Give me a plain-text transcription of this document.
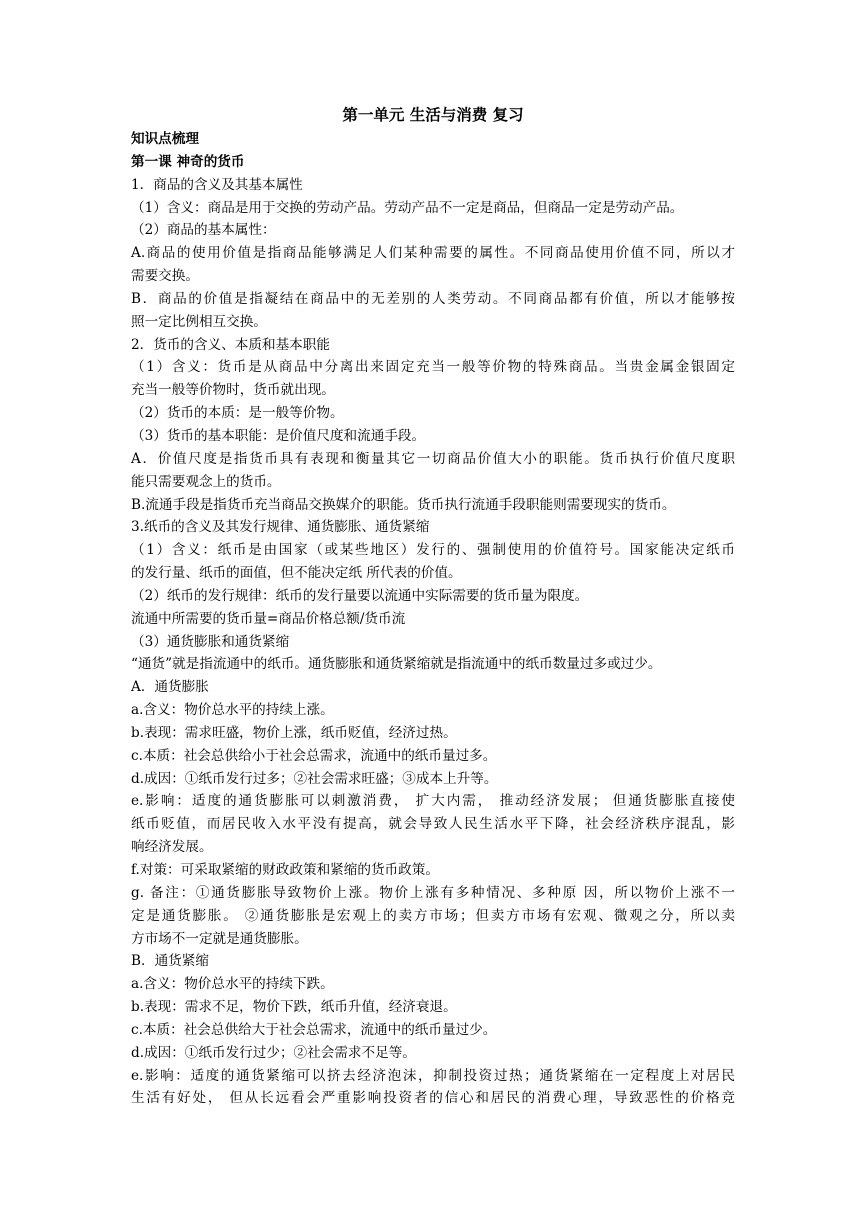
第一单元 生活与消费 复习
知识点梳理
第一课 神奇的货币
1．商品的含义及其基本属性
（1）含义：商品是用于交换的劳动产品。劳动产品不一定是商品，但商品一定是劳动产品。
（2）商品的基本属性：
A.商品的使用价值是指商品能够满足人们某种需要的属性。不同商品使用价值不同，所以才
需要交换。
B．商品的价值是指凝结在商品中的无差别的人类劳动。不同商品都有价值，所以才能够按
照一定比例相互交换。
2．货币的含义、本质和基本职能
（1）含义：货币是从商品中分离出来固定充当一般等价物的特殊商品。当贵金属金银固定
充当一般等价物时，货币就出现。
（2）货币的本质：是一般等价物。
（3）货币的基本职能：是价值尺度和流通手段。
A．价值尺度是指货币具有表现和衡量其它一切商品价值大小的职能。货币执行价值尺度职
能只需要观念上的货币。
B.流通手段是指货币充当商品交换媒介的职能。货币执行流通手段职能则需要现实的货币。
3.纸币的含义及其发行规律、通货膨胀、通货紧缩
（1）含义：纸币是由国家（或某些地区）发行的、强制使用的价值符号。国家能决定纸币
的发行量、纸币的面值，但不能决定纸 所代表的价值。
（2）纸币的发行规律：纸币的发行量要以流通中实际需要的货币量为限度。
流通中所需要的货币量=商品价格总额/货币流
（3）通货膨胀和通货紧缩
“通货”就是指流通中的纸币。通货膨胀和通货紧缩就是指流通中的纸币数量过多或过少。
A．通货膨胀
a.含义：物价总水平的持续上涨。
b.表现：需求旺盛，物价上涨，纸币贬值，经济过热。
c.本质：社会总供给小于社会总需求，流通中的纸币量过多。
d.成因：①纸币发行过多；②社会需求旺盛；③成本上升等。
e.影响：适度的通货膨胀可以刺激消费， 扩大内需， 推动经济发展； 但通货膨胀直接使
纸币贬值，而居民收入水平没有提高，就会导致人民生活水平下降，社会经济秩序混乱，影
响经济发展。
f.对策：可采取紧缩的财政政策和紧缩的货币政策。
g. 备注：①通货膨胀导致物价上涨。物价上涨有多种情况、多种原 因，所以物价上涨不一
定是通货膨胀。 ②通货膨胀是宏观上的卖方市场；但卖方市场有宏观、微观之分，所以卖
方市场不一定就是通货膨胀。
B．通货紧缩
a.含义：物价总水平的持续下跌。
b.表现：需求不足，物价下跌，纸币升值，经济衰退。
c.本质：社会总供给大于社会总需求，流通中的纸币量过少。
d.成因：①纸币发行过少；②社会需求不足等。
e.影响：适度的通货紧缩可以挤去经济泡沫，抑制投资过热；通货紧缩在一定程度上对居民
生活有好处， 但从长远看会严重影响投资者的信心和居民的消费心理，导致恶性的价格竞
